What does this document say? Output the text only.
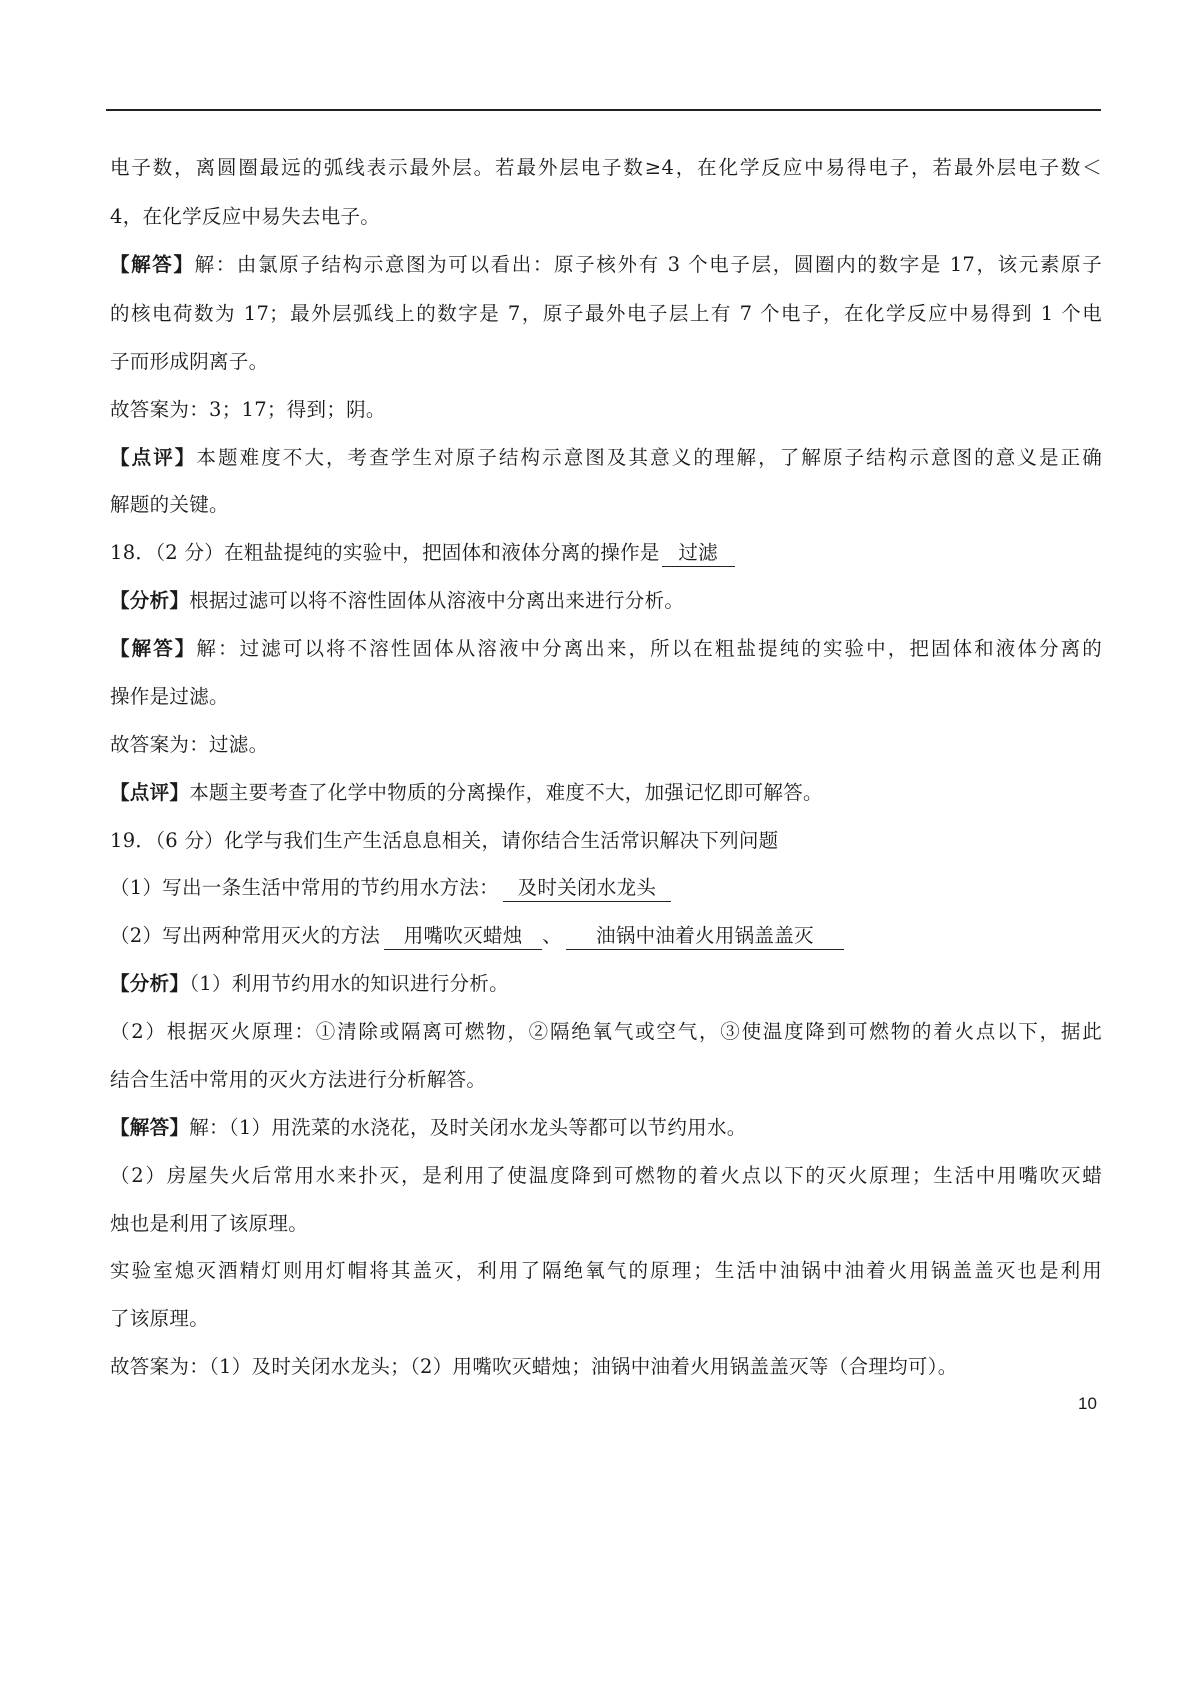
电子数，离圆圈最远的弧线表示最外层。若最外层电子数≥4，在化学反应中易得电子，若最外层电子数＜
4，在化学反应中易失去电子。
【解答】解：由氯原子结构示意图为可以看出：原子核外有 3 个电子层，圆圈内的数字是 17，该元素原子
的核电荷数为 17；最外层弧线上的数字是 7，原子最外电子层上有 7 个电子，在化学反应中易得到 1 个电
子而形成阴离子。
故答案为：3；17；得到；阴。
【点评】本题难度不大，考查学生对原子结构示意图及其意义的理解，了解原子结构示意图的意义是正确
解题的关键。
18．（2 分）在粗盐提纯的实验中，把固体和液体分离的操作是 过滤
【分析】根据过滤可以将不溶性固体从溶液中分离出来进行分析。
【解答】解：过滤可以将不溶性固体从溶液中分离出来，所以在粗盐提纯的实验中，把固体和液体分离的
操作是过滤。
故答案为：过滤。
【点评】本题主要考查了化学中物质的分离操作，难度不大，加强记忆即可解答。
19．（6 分）化学与我们生产生活息息相关，请你结合生活常识解决下列问题
（1）写出一条生活中常用的节约用水方法： 及时关闭水龙头
（2）写出两种常用灭火的方法 用嘴吹灭蜡烛 、 油锅中油着火用锅盖盖灭
【分析】（1）利用节约用水的知识进行分析。
（2）根据灭火原理：①清除或隔离可燃物，②隔绝氧气或空气，③使温度降到可燃物的着火点以下，据此
结合生活中常用的灭火方法进行分析解答。
【解答】解：（1）用洗菜的水浇花，及时关闭水龙头等都可以节约用水。
（2）房屋失火后常用水来扑灭，是利用了使温度降到可燃物的着火点以下的灭火原理；生活中用嘴吹灭蜡
烛也是利用了该原理。
实验室熄灭酒精灯则用灯帽将其盖灭，利用了隔绝氧气的原理；生活中油锅中油着火用锅盖盖灭也是利用
了该原理。
故答案为：（1）及时关闭水龙头；（2）用嘴吹灭蜡烛；油锅中油着火用锅盖盖灭等（合理均可）。
10
